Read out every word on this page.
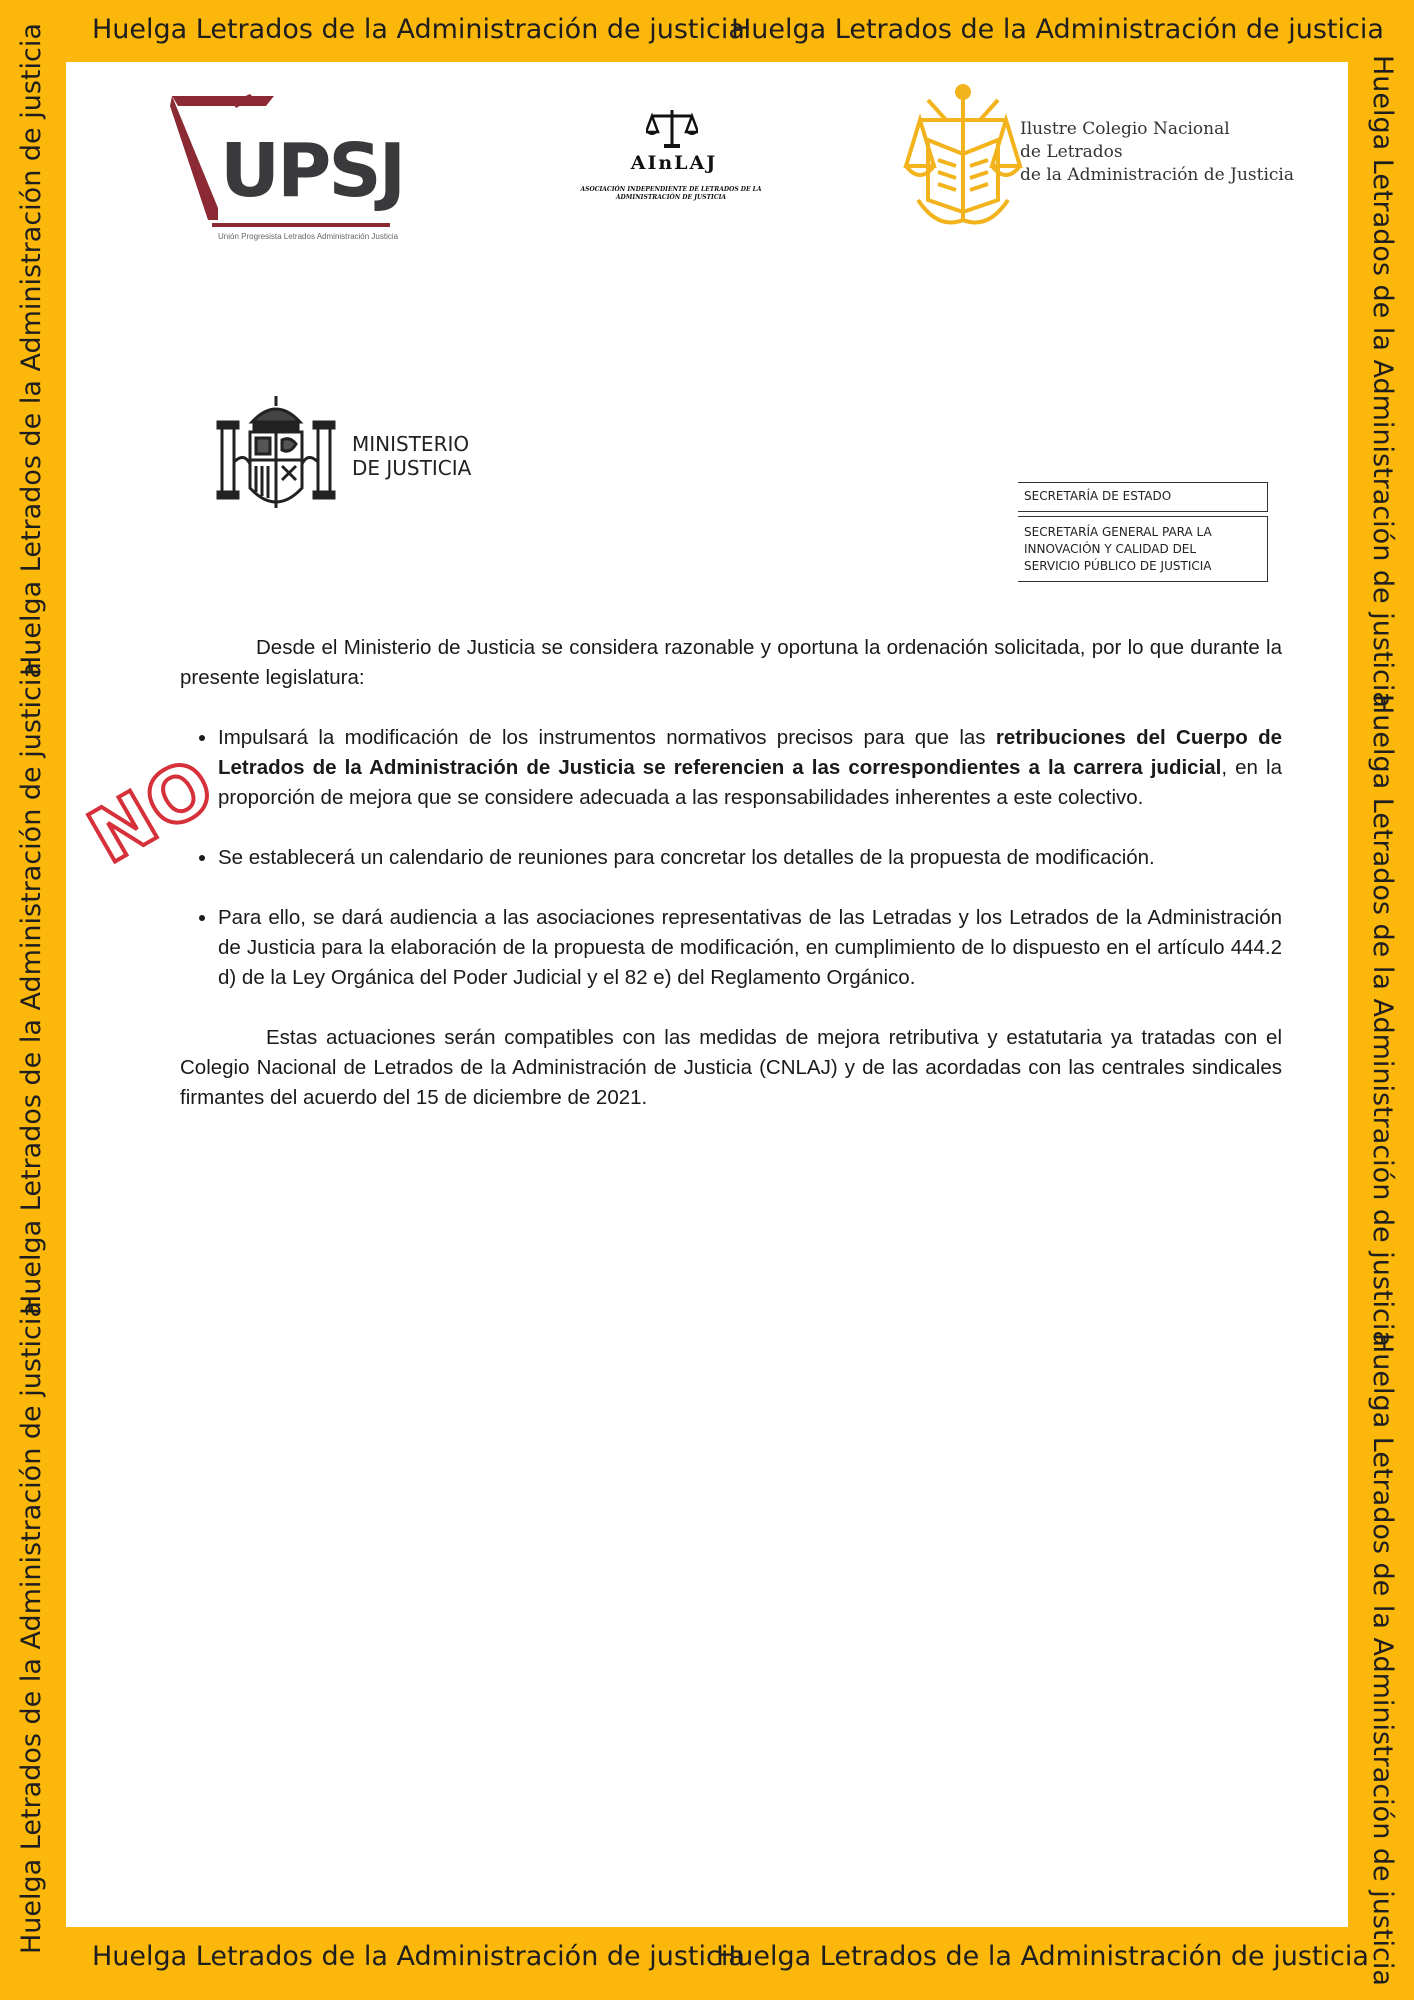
Huelga Letrados de la Administración de justicia
Huelga Letrados de la Administración de justicia
Huelga Letrados de la Administración de justicia
Huelga Letrados de la Administración de justicia
Huelga Letrados de la Administración de justicia
Huelga Letrados de la Administración de justicia
Huelga Letrados de la Administración de justicia
Huelga Letrados de la Administración de justicia
Huelga Letrados de la Administración de justicia
Huelga Letrados de la Administración de justicia
UPSJ
Unión Progresista Letrados Administración Justicia
AInLAJ
ASOCIACIÓN INDEPENDIENTE DE LETRADOS DE LA
ADMINISTRACIÓN DE JUSTICIA
Ilustre Colegio Nacional
de Letrados
de la Administración de Justicia
MINISTERIO
DE JUSTICIA
SECRETARÍA DE ESTADO
SECRETARÍA GENERAL PARA LA
INNOVACIÓN Y CALIDAD DEL
SERVICIO PÚBLICO DE JUSTICIA
NO

Desde el Ministerio de Justicia se considera razonable y oportuna la ordenación solicitada, por lo que durante la presente legislatura:

• Impulsará la modificación de los instrumentos normativos precisos para que las retribuciones del Cuerpo de Letrados de la Administración de Justicia se referencien a las correspondientes a la carrera judicial, en la proporción de mejora que se considere adecuada a las responsabilidades inherentes a este colectivo.
• Se establecerá un calendario de reuniones para concretar los detalles de la propuesta de modificación.
• Para ello, se dará audiencia a las asociaciones representativas de las Letradas y los Letrados de la Administración de Justicia para la elaboración de la propuesta de modificación, en cumplimiento de lo dispuesto en el artículo 444.2 d) de la Ley Orgánica del Poder Judicial y el 82 e) del Reglamento Orgánico.

Estas actuaciones serán compatibles con las medidas de mejora retributiva y estatutaria ya tratadas con el Colegio Nacional de Letrados de la Administración de Justicia (CNLAJ) y de las acordadas con las centrales sindicales firmantes del acuerdo del 15 de diciembre de 2021.
